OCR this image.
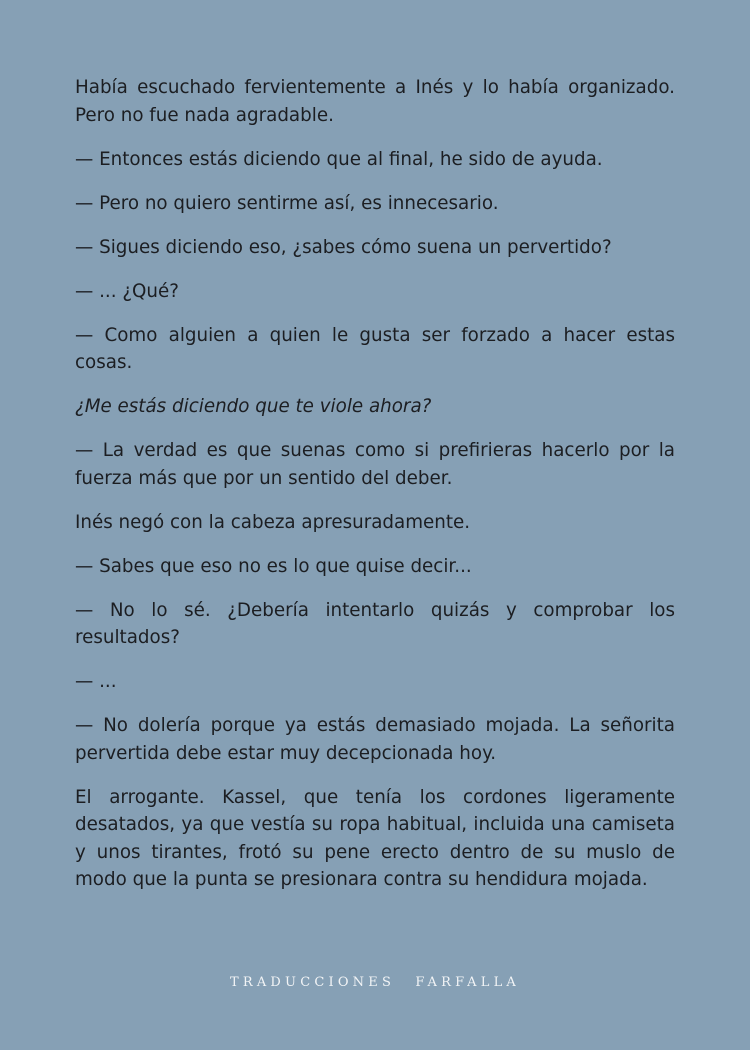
Había escuchado fervientemente a Inés y lo había organizado. Pero no fue nada agradable.

— Entonces estás diciendo que al final, he sido de ayuda.

— Pero no quiero sentirme así, es innecesario.

— Sigues diciendo eso, ¿sabes cómo suena un pervertido?

— ... ¿Qué?

— Como alguien a quien le gusta ser forzado a hacer estas cosas.

¿Me estás diciendo que te viole ahora?

— La verdad es que suenas como si prefirieras hacerlo por la fuerza más que por un sentido del deber.

Inés negó con la cabeza apresuradamente.

— Sabes que eso no es lo que quise decir...

— No lo sé. ¿Debería intentarlo quizás y comprobar los resultados?

— ...

— No dolería porque ya estás demasiado mojada. La señorita pervertida debe estar muy decepcionada hoy.

El arrogante. Kassel, que tenía los cordones ligeramente desatados, ya que vestía su ropa habitual, incluida una camiseta y unos tirantes, frotó su pene erecto dentro de su muslo de modo que la punta se presionara contra su hendidura mojada.

TRADUCCIONES FARFALLA
